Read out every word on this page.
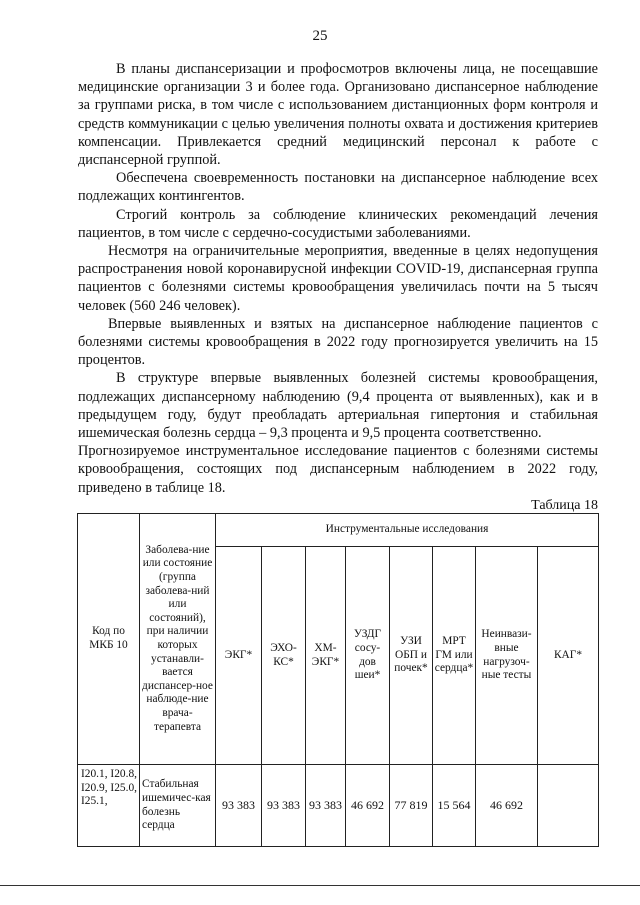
25

В планы диспансеризации и профосмотров включены лица, не посещавшие медицинские организации 3 и более года. Организовано диспансерное наблюдение за группами риска, в том числе с использованием дистанционных форм контроля и средств коммуникации с целью увеличения полноты охвата и достижения критериев компенсации. Привлекается средний медицинский персонал к работе с диспансерной группой.

Обеспечена своевременность постановки на диспансерное наблюдение всех подлежащих контингентов.

Строгий контроль за соблюдение клинических рекомендаций лечения пациентов, в том числе с сердечно-сосудистыми заболеваниями.

Несмотря на ограничительные мероприятия, введенные в целях недопущения распространения новой коронавирусной инфекции COVID-19, диспансерная группа пациентов с болезнями системы кровообращения увеличилась почти на 5 тысяч человек (560 246 человек).

Впервые выявленных и взятых на диспансерное наблюдение пациентов с болезнями системы кровообращения в 2022 году прогнозируется увеличить на 15 процентов.

В структуре впервые выявленных болезней системы кровообращения, подлежащих диспансерному наблюдению (9,4 процента от выявленных), как и в предыдущем году, будут преобладать артериальная гипертония и стабильная ишемическая болезнь сердца – 9,3 процента и 9,5 процента соответственно.

Прогнозируемое инструментальное исследование пациентов с болезнями системы кровообращения, состоящих под диспансерным наблюдением в 2022 году, приведено в таблице 18.

Таблица 18
Код по МКБ 10	Заболева-ние или состояние (группа заболева-ний или состояний), при наличии которых устанавли-вается диспансер-ное наблюде-ние врача-терапевта	Инструментальные исследования							
		ЭКГ*	ЭХО-КС*	ХМ-ЭКГ*	УЗДГ сосу-дов шеи*	УЗИ ОБП и почек*	МРТ ГМ или сердца*	Неинвази-вные нагрузоч-ные тесты	КАГ*
I20.1, I20.8, I20.9, I25.0, I25.1,	Стабильная ишемичес-кая болезнь сердца	93 383	93 383	93 383	46 692	77 819	15 564	46 692	
